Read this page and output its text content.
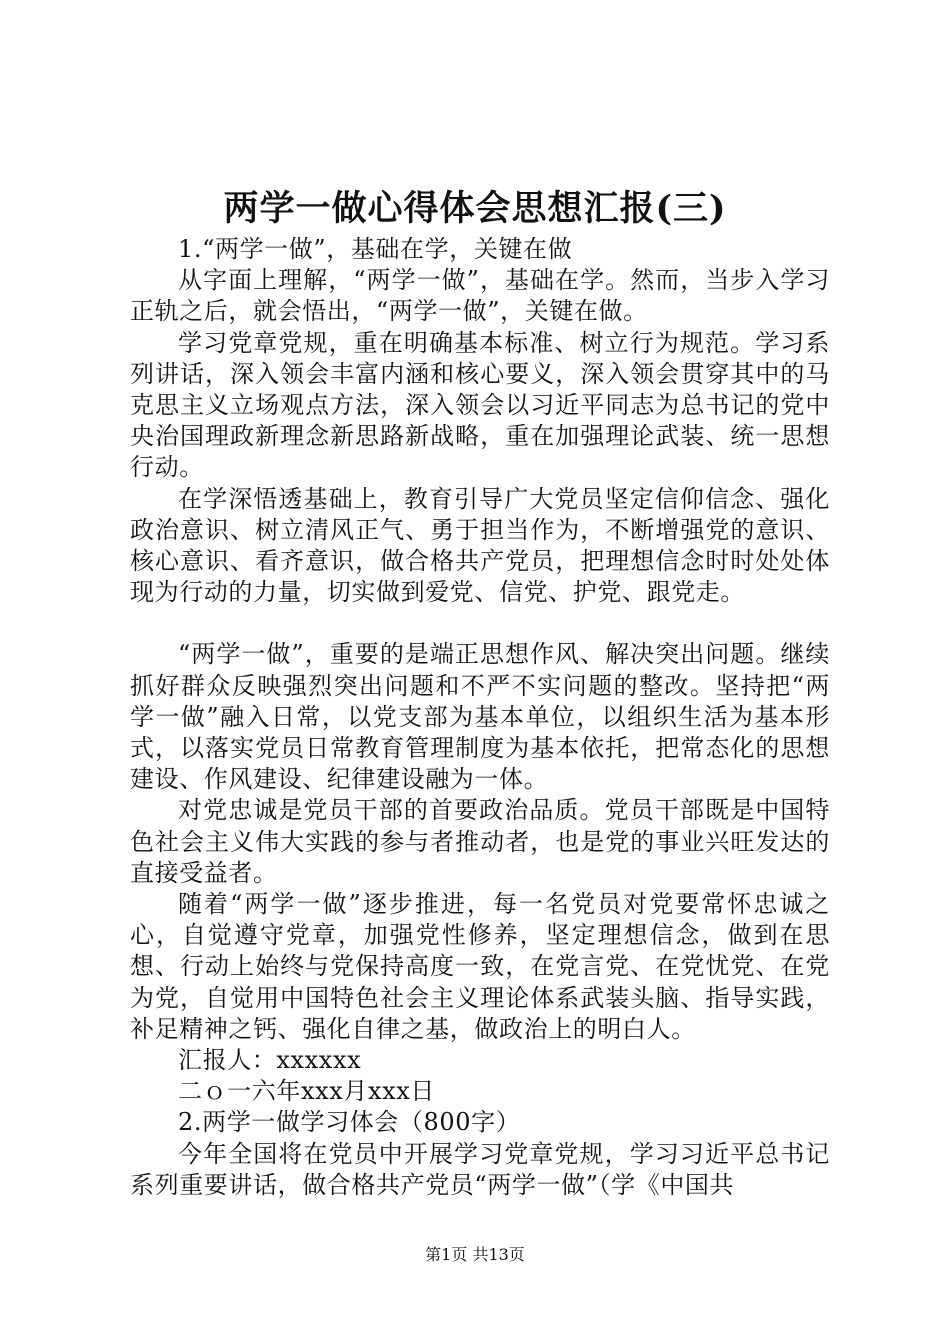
两学一做心得体会思想汇报(三)

1.“两学一做”，基础在学，关键在做

从字面上理解，“两学一做”，基础在学。然而，当步入学习正轨之后，就会悟出，“两学一做”，关键在做。

学习党章党规，重在明确基本标准、树立行为规范。学习系列讲话，深入领会丰富内涵和核心要义，深入领会贯穿其中的马克思主义立场观点方法，深入领会以习近平同志为总书记的党中央治国理政新理念新思路新战略，重在加强理论武装、统一思想行动。

在学深悟透基础上，教育引导广大党员坚定信仰信念、强化政治意识、树立清风正气、勇于担当作为，不断增强党的意识、核心意识、看齐意识，做合格共产党员，把理想信念时时处处体现为行动的力量，切实做到爱党、信党、护党、跟党走。

“两学一做”，重要的是端正思想作风、解决突出问题。继续抓好群众反映强烈突出问题和不严不实问题的整改。坚持把“两学一做”融入日常，以党支部为基本单位，以组织生活为基本形式，以落实党员日常教育管理制度为基本依托，把常态化的思想建设、作风建设、纪律建设融为一体。

对党忠诚是党员干部的首要政治品质。党员干部既是中国特色社会主义伟大实践的参与者推动者，也是党的事业兴旺发达的直接受益者。

随着“两学一做”逐步推进，每一名党员对党要常怀忠诚之心，自觉遵守党章，加强党性修养，坚定理想信念，做到在思想、行动上始终与党保持高度一致，在党言党、在党忧党、在党为党，自觉用中国特色社会主义理论体系武装头脑、指导实践，补足精神之钙、强化自律之基，做政治上的明白人。

汇报人：xxxxxx

二ｏ一六年xxx月xxx日

2.两学一做学习体会（800字）

今年全国将在党员中开展学习党章党规，学习习近平总书记系列重要讲话，做合格共产党员“两学一做”（学《中国共

第1页 共13页
